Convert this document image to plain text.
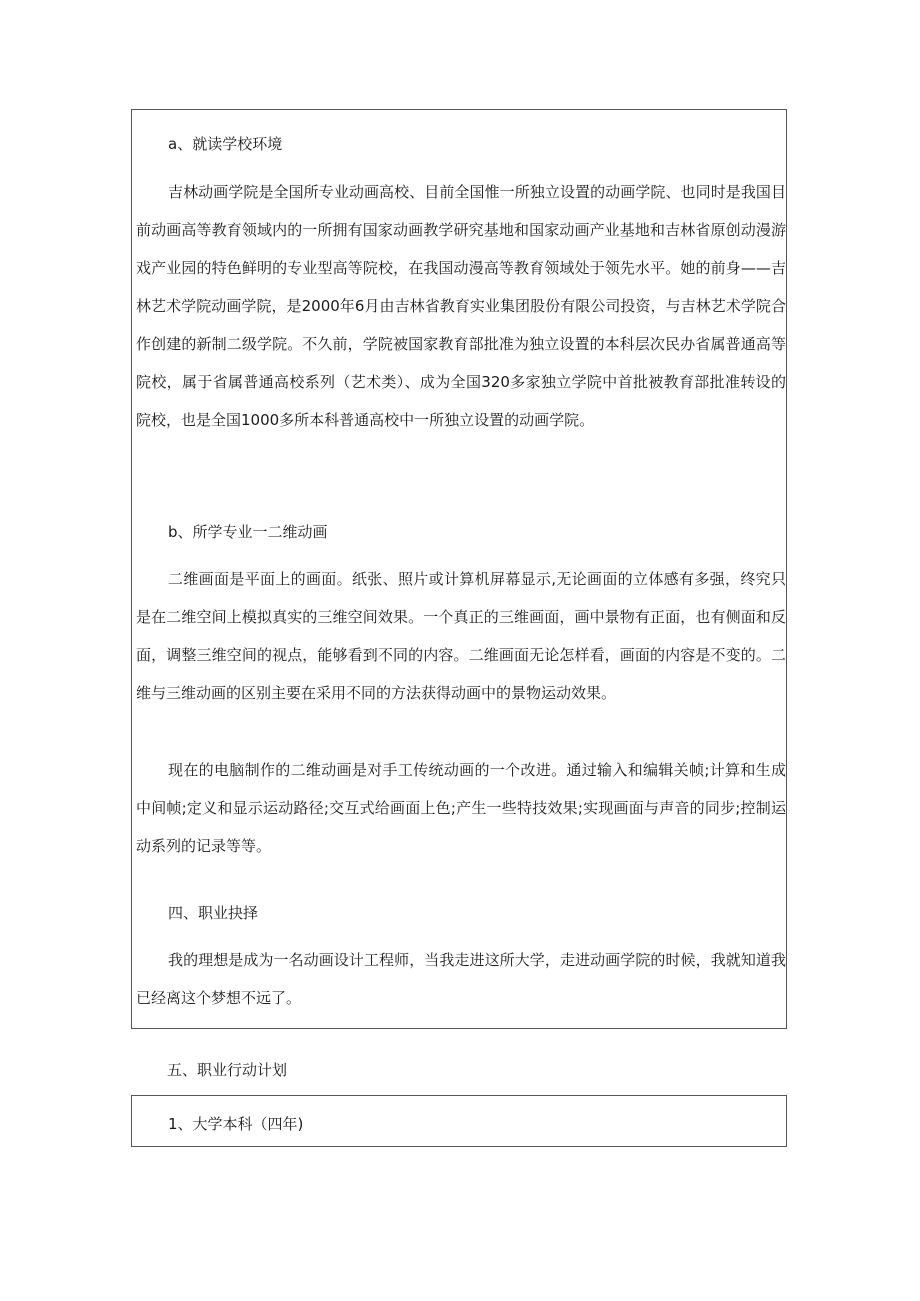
a、就读学校环境

吉林动画学院是全国所专业动画高校、目前全国惟一所独立设置的动画学院、也同时是我国目前动画高等教育领域内的一所拥有国家动画教学研究基地和国家动画产业基地和吉林省原创动漫游戏产业园的特色鲜明的专业型高等院校，在我国动漫高等教育领域处于领先水平。她的前身——吉林艺术学院动画学院，是2000年6月由吉林省教育实业集团股份有限公司投资，与吉林艺术学院合作创建的新制二级学院。不久前，学院被国家教育部批准为独立设置的本科层次民办省属普通高等院校，属于省属普通高校系列（艺术类）、成为全国320多家独立学院中首批被教育部批准转设的院校，也是全国1000多所本科普通高校中一所独立设置的动画学院。

b、所学专业一二维动画

二维画面是平面上的画面。纸张、照片或计算机屏幕显示,无论画面的立体感有多强，终究只是在二维空间上模拟真实的三维空间效果。一个真正的三维画面，画中景物有正面，也有侧面和反面，调整三维空间的视点，能够看到不同的内容。二维画面无论怎样看，画面的内容是不变的。二维与三维动画的区别主要在采用不同的方法获得动画中的景物运动效果。

现在的电脑制作的二维动画是对手工传统动画的一个改进。通过输入和编辑关帧;计算和生成中间帧;定义和显示运动路径;交互式给画面上色;产生一些特技效果;实现画面与声音的同步;控制运动系列的记录等等。

四、职业抉择

我的理想是成为一名动画设计工程师，当我走进这所大学，走进动画学院的时候，我就知道我已经离这个梦想不远了。

五、职业行动计划

1、大学本科（四年)
